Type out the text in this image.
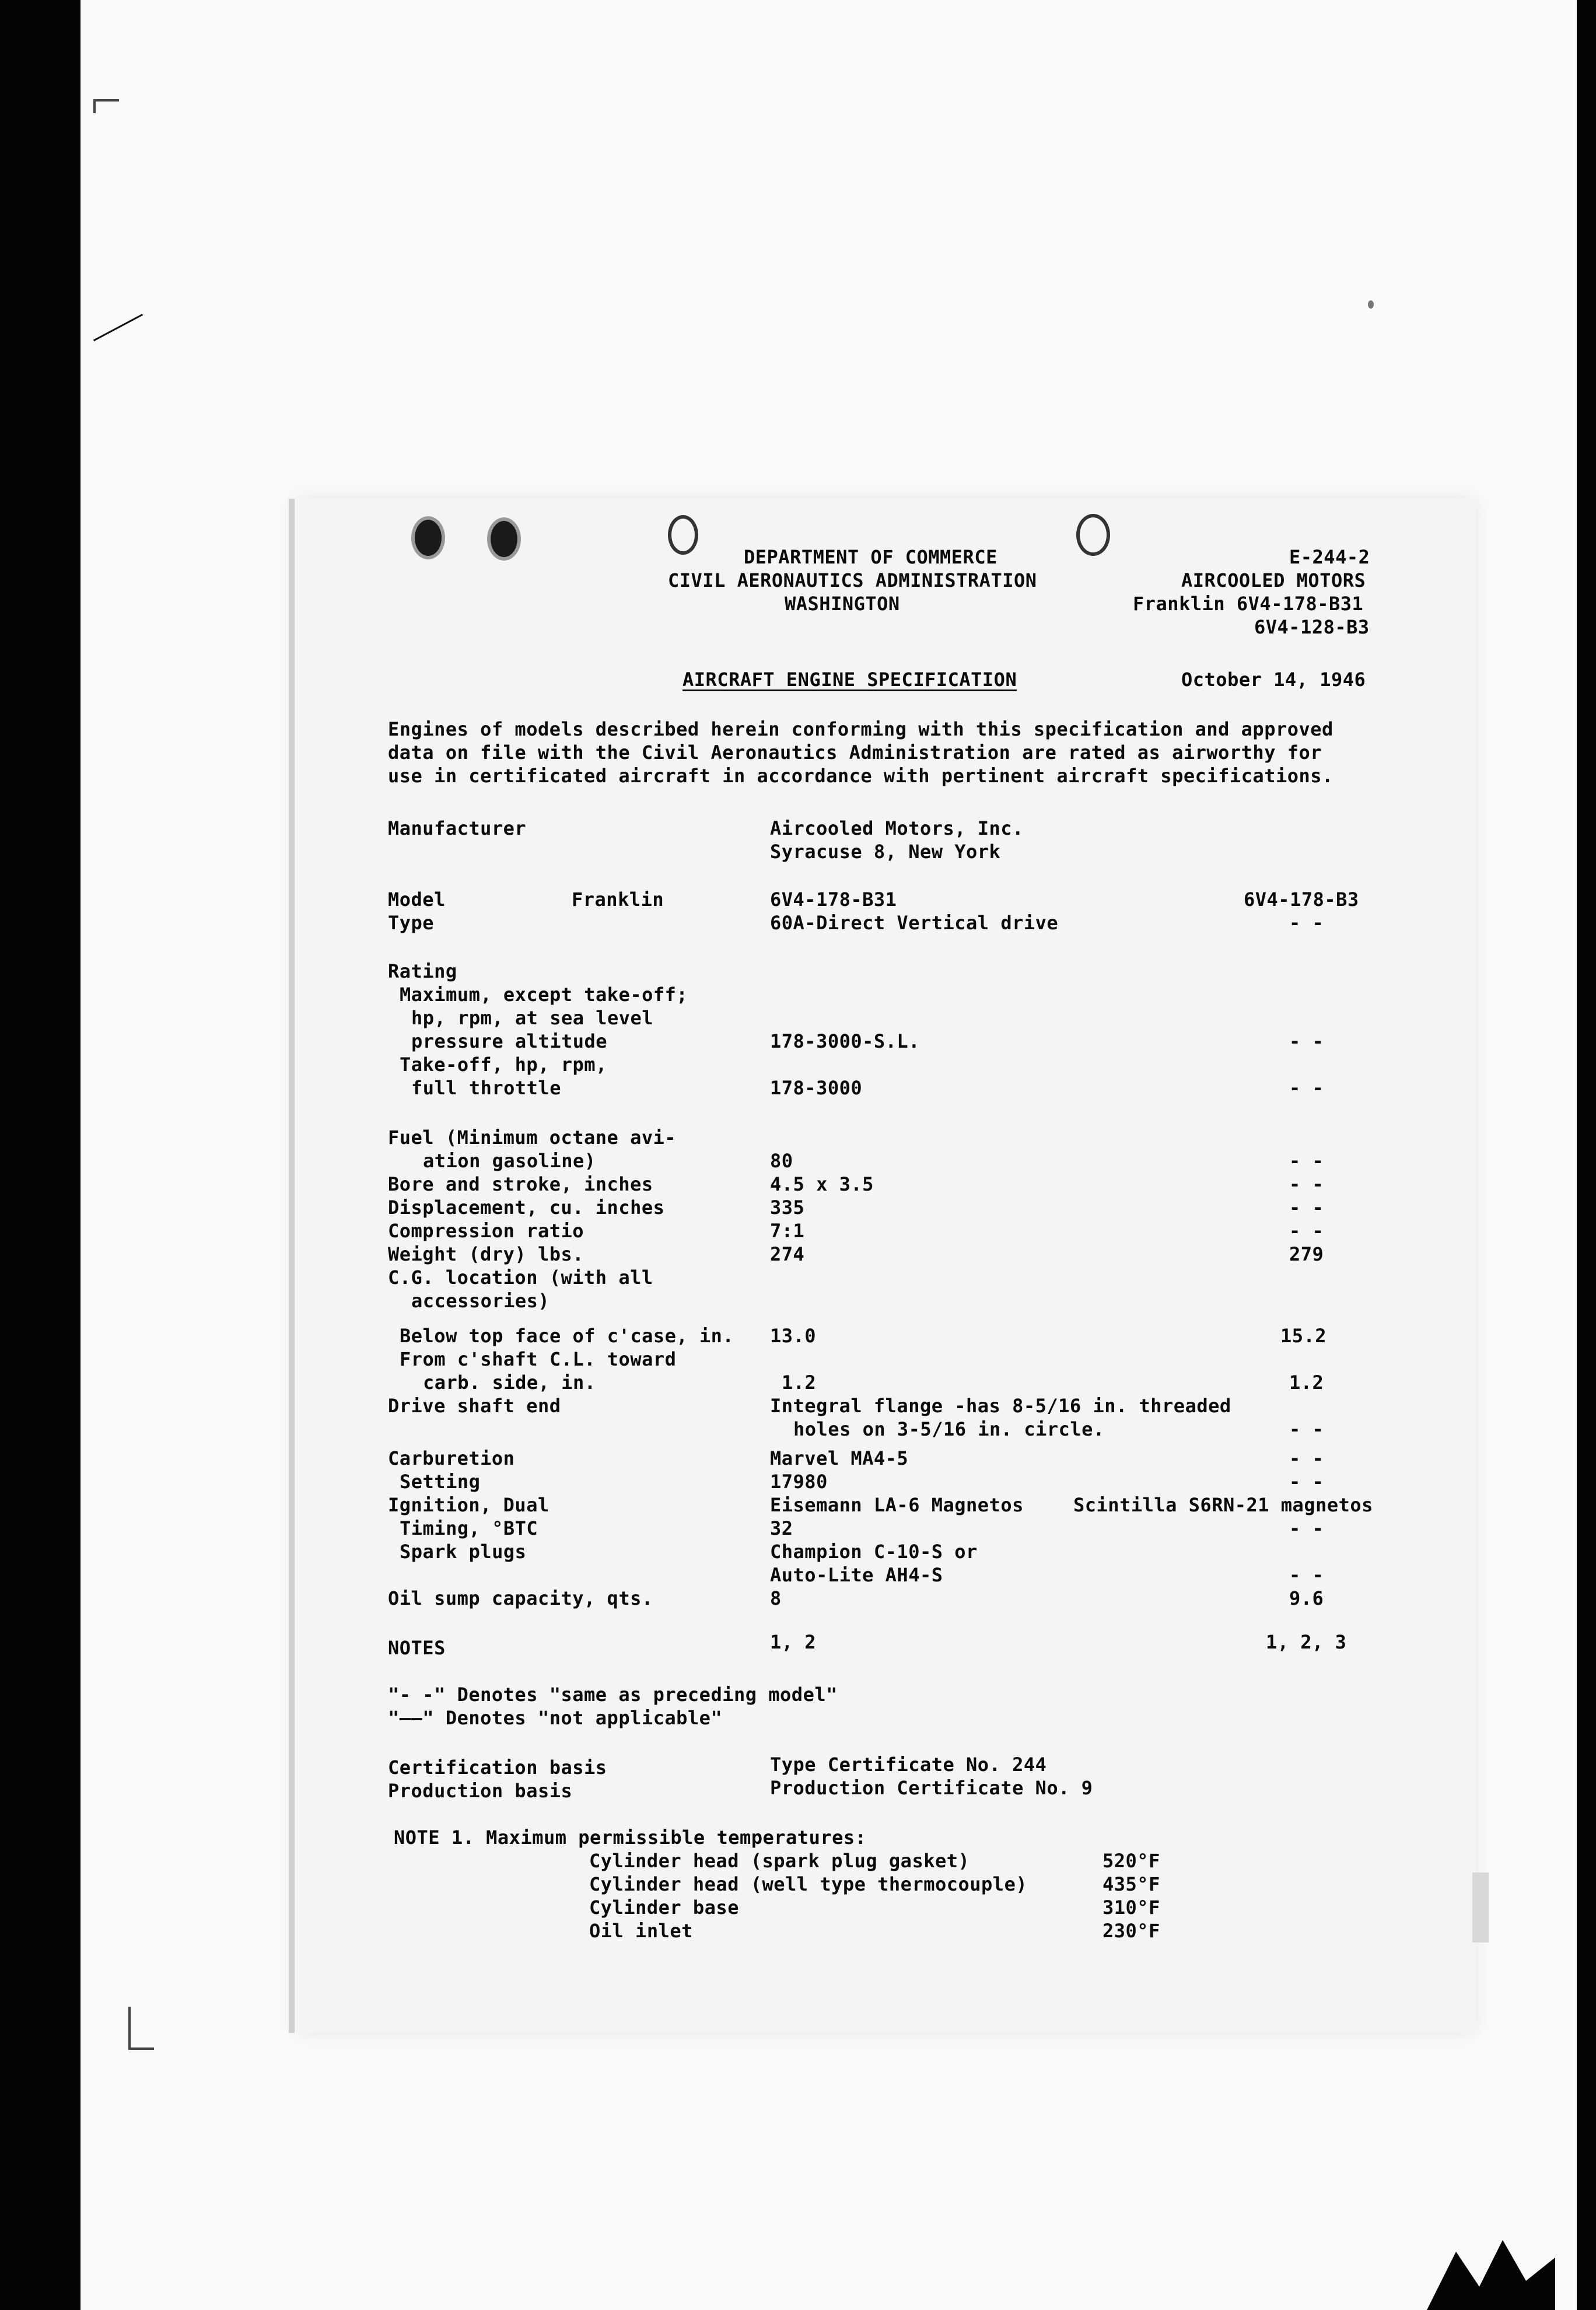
DEPARTMENT OF COMMERCE
CIVIL AERONAUTICS ADMINISTRATION
WASHINGTON
E-244-2
AIRCOOLED MOTORS
Franklin 6V4-178-B31
6V4-128-B3
AIRCRAFT ENGINE SPECIFICATION	October 14, 1946
Engines of models described herein conforming with this specification and approved
data on file with the Civil Aeronautics Administration are rated as airworthy for
use in certificated aircraft in accordance with pertinent aircraft specifications.
Manufacturer	Aircooled Motors, Inc.
Syracuse 8, New York
Model	Franklin	6V4-178-B31	6V4-178-B3
Type	60A-Direct Vertical drive	- -
Rating
Maximum, except take-off;
hp, rpm, at sea level
pressure altitude	178-3000-S.L.	- -
Take-off, hp, rpm,
full throttle	178-3000	- -
Fuel (Minimum octane avi-
ation gasoline)	80	- -
Bore and stroke, inches	4.5 x 3.5	- -
Displacement, cu. inches	335	- -
Compression ratio	7:1	- -
Weight (dry) lbs.	274	279
C.G. location (with all
accessories)
Below top face of c'case, in. 13.0	15.2
From c'shaft C.L. toward
carb. side, in.	1.2	1.2
Drive shaft end	Integral flange -has 8-5/16 in. threaded
holes on 3-5/16 in. circle.	- -
Carburetion	Marvel MA4-5	- -
Setting	17980	- -
Ignition, Dual	Eisemann LA-6 Magnetos	Scintilla S6RN-21 magnetos
Timing, °BTC	32	- -
Spark plugs	Champion C-10-S or
Auto-Lite AH4-S	- -
Oil sump capacity, qts.	8	9.6
NOTES	1, 2	1, 2, 3
"- -" Denotes "same as preceding model"
"——" Denotes "not applicable"
Certification basis	Type Certificate No. 244
Production basis	Production Certificate No. 9
NOTE 1. Maximum permissible temperatures:
Cylinder head (spark plug gasket)	520°F
Cylinder head (well type thermocouple)	435°F
Cylinder base	310°F
Oil inlet	230°F
